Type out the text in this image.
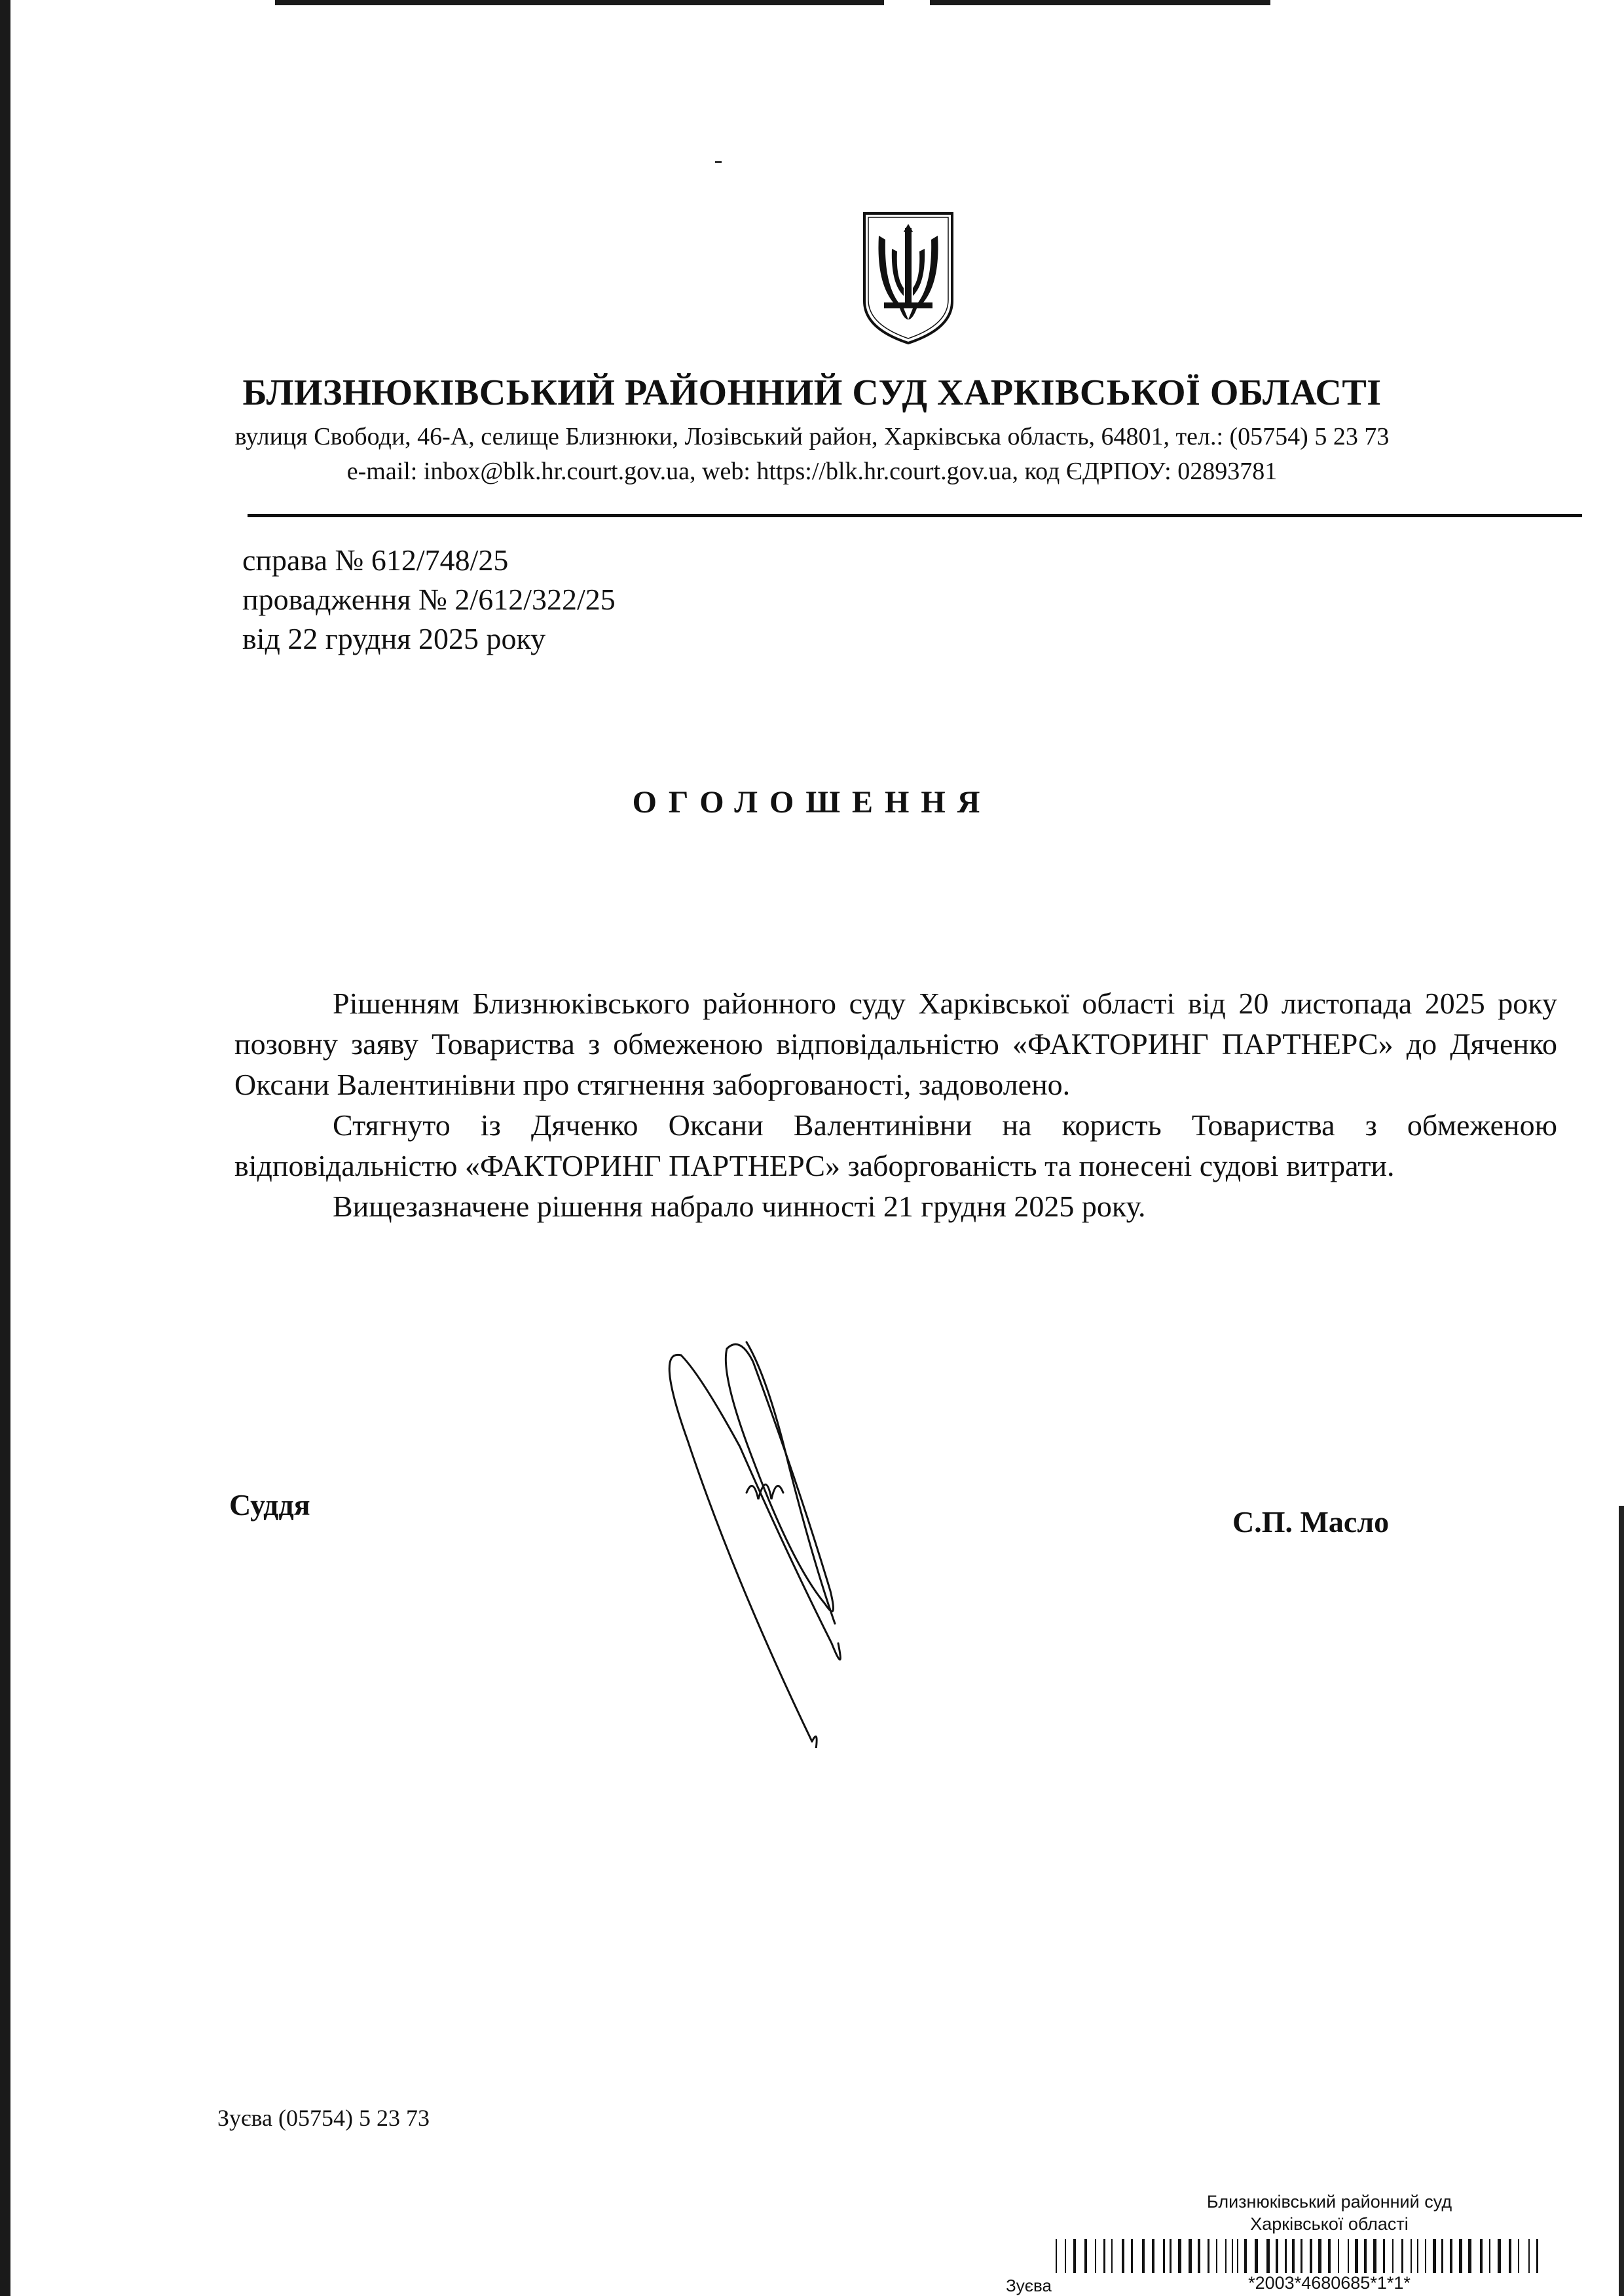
БЛИЗНЮКІВСЬКИЙ РАЙОННИЙ СУД ХАРКІВСЬКОЇ ОБЛАСТІ
вулиця Свободи, 46-А, селище Близнюки, Лозівський район, Харківська область, 64801, тел.: (05754) 5 23 73
e-mail: inbox@blk.hr.court.gov.ua, web: https://blk.hr.court.gov.ua, код ЄДРПОУ: 02893781
справа № 612/748/25
провадження № 2/612/322/25
від 22 грудня 2025 року
ОГОЛОШЕННЯ

Рішенням Близнюківського районного суду Харківської області від 20 листопада 2025 року позовну заяву Товариства з обмеженою відповідальністю «ФАКТОРИНГ ПАРТНЕРС» до Дяченко Оксани Валентинівни про стягнення заборгованості, задоволено.

Стягнуто із Дяченко Оксани Валентинівни на користь Товариства з обмеженою відповідальністю «ФАКТОРИНГ ПАРТНЕРС» заборгованість та понесені судові витрати.

Вищезазначене рішення набрало чинності 21 грудня 2025 року.

Суддя
С.П. Масло
Зуєва (05754) 5 23 73
Близнюківський районний суд
Харківської області
Зуєва	*2003*4680685*1*1*
